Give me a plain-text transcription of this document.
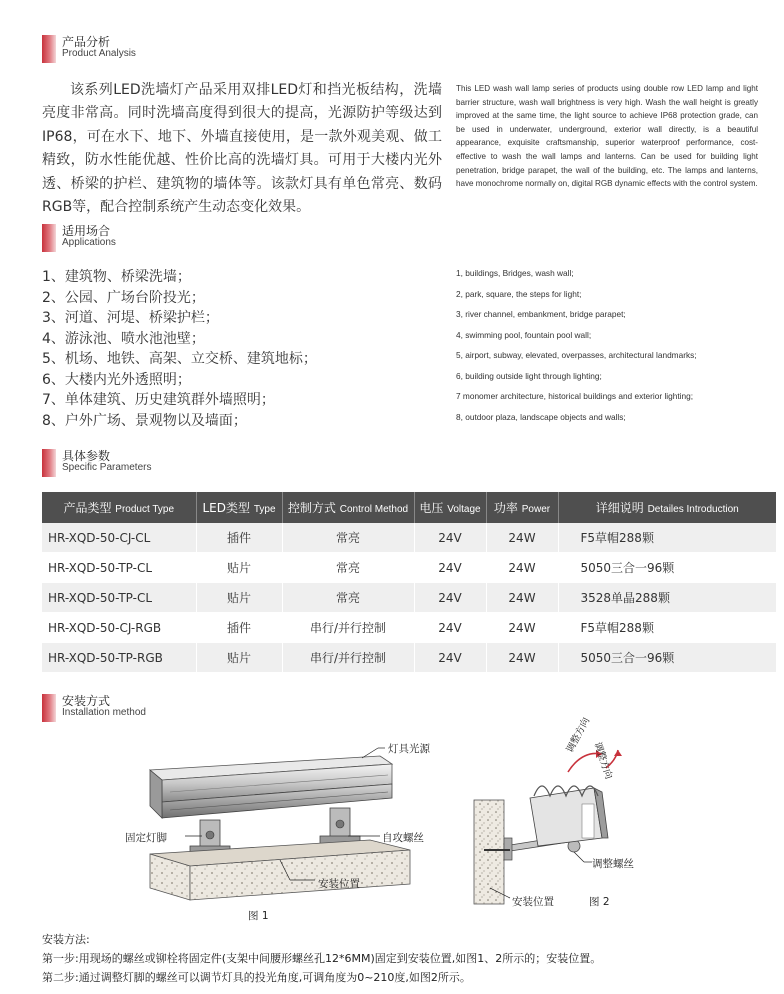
产品分析
Product Analysis
该系列LED洗墙灯产品采用双排LED灯和挡光板结构，洗墙亮度非常高。同时洗墙高度得到很大的提高，光源防护等级达到IP68，可在水下、地下、外墙直接使用，是一款外观美观、做工精致，防水性能优越、性价比高的洗墙灯具。可用于大楼内光外透、桥梁的护栏、建筑物的墙体等。该款灯具有单色常亮、数码RGB等，配合控制系统产生动态变化效果。
This LED wash wall lamp series of products using double row LED lamp and light barrier structure, wash wall brightness is very high. Wash the wall height is greatly improved at the same time, the light source to achieve IP68 protection grade, can be used in underwater, underground, exterior wall directly, is a beautiful appearance, exquisite craftsmanship, superior waterproof performance, cost-effective to wash the wall lamps and lanterns. Can be used for building light penetration, bridge parapet, the wall of the building, etc. The lamps and lanterns, have monochrome normally on, digital RGB dynamic effects with the control system.
适用场合
Applications
1、建筑物、桥梁洗墙；
2、公园、广场台阶投光；
3、河道、河堤、桥梁护栏；
4、游泳池、喷水池池壁；
5、机场、地铁、高架、立交桥、建筑地标；
6、大楼内光外透照明；
7、单体建筑、历史建筑群外墙照明；
8、户外广场、景观物以及墙面；
1, buildings, Bridges, wash wall;
2, park, square, the steps for light;
3, river channel, embankment, bridge parapet;
4, swimming pool, fountain pool wall;
5, airport, subway, elevated, overpasses, architectural landmarks;
6, building outside light through lighting;
7 monomer architecture, historical buildings and exterior lighting;
8, outdoor plaza, landscape objects and walls;
具体参数
Specific Parameters
产品类型 Product Type	LED类型 Type	控制方式 Control Method	电压 Voltage	功率 Power	详细说明 Detailes Introduction
HR-XQD-50-CJ-CL	插件	常亮	24V	24W	F5草帽288颗
HR-XQD-50-TP-CL	贴片	常亮	24V	24W	5050三合一96颗
HR-XQD-50-TP-CL	贴片	常亮	24V	24W	3528单晶288颗
HR-XQD-50-CJ-RGB	插件	串行/并行控制	24V	24W	F5草帽288颗
HR-XQD-50-TP-RGB	贴片	串行/并行控制	24V	24W	5050三合一96颗
安装方式
Installation method
灯具光源
固定灯脚	自攻螺丝
安装位置
图 1
调整方向
调整方向
调整螺丝
安装位置	图 2
安装方法:
第一步:用现场的螺丝或铆栓将固定件(支架中间腰形螺丝孔12*6MM)固定到安装位置,如图1、2所示的；安装位置。
第二步:通过调整灯脚的螺丝可以调节灯具的投光角度,可调角度为0~210度,如图2所示。
